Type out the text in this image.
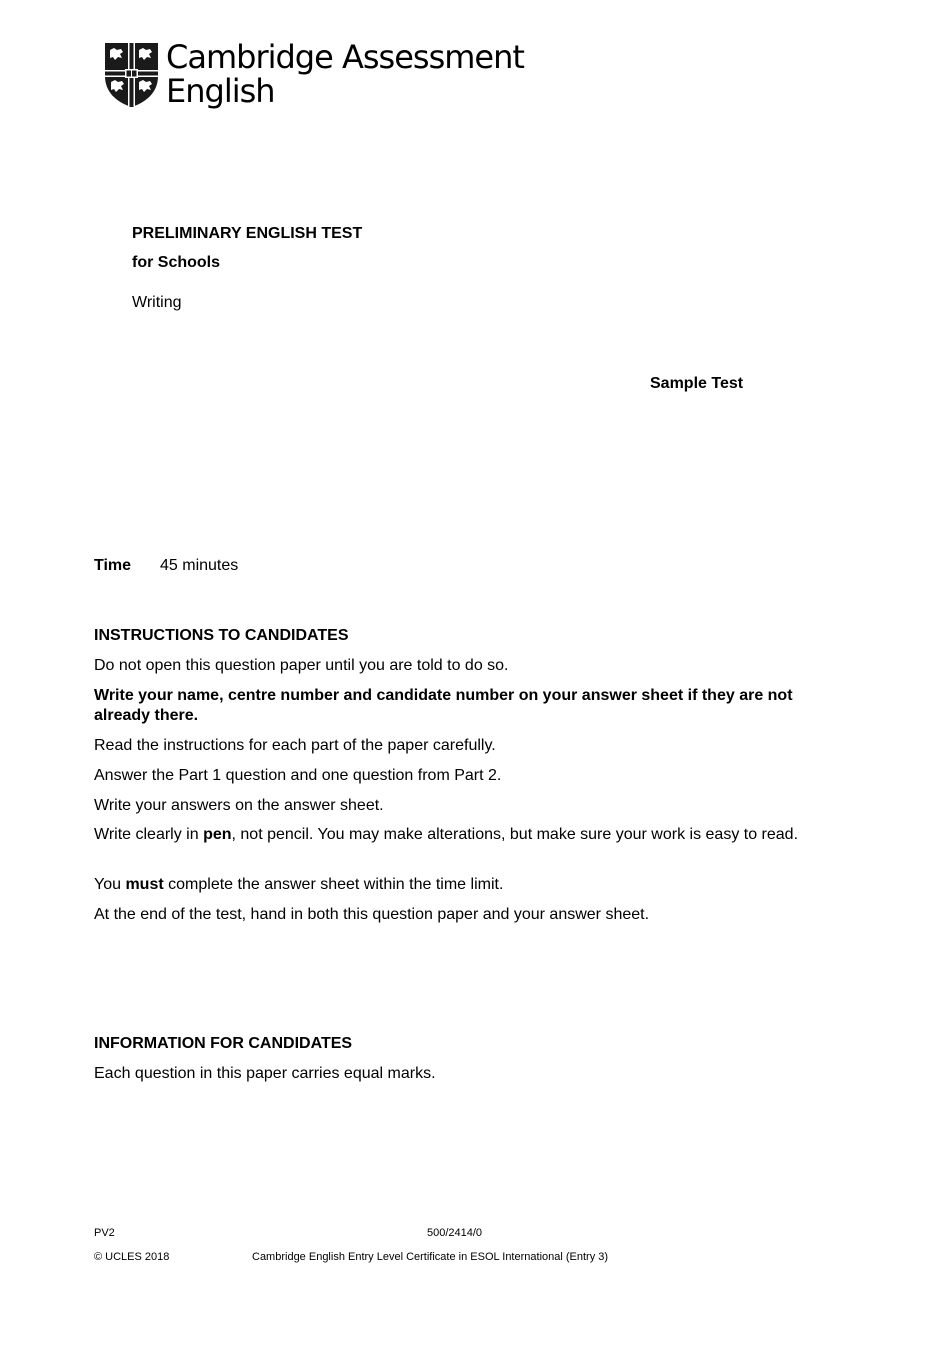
Cambridge Assessment
English
PRELIMINARY ENGLISH TEST
for Schools
Writing
Sample Test
Time 45 minutes
INSTRUCTIONS TO CANDIDATES
Do not open this question paper until you are told to do so.
Write your name, centre number and candidate number on your answer sheet if they are not already there.
Read the instructions for each part of the paper carefully.
Answer the Part 1 question and one question from Part 2.
Write your answers on the answer sheet.
Write clearly in pen, not pencil. You may make alterations, but make sure your work is easy to read.
You must complete the answer sheet within the time limit.
At the end of the test, hand in both this question paper and your answer sheet.
INFORMATION FOR CANDIDATES
Each question in this paper carries equal marks.
PV2	500/2414/0
© UCLES 2018	Cambridge English Entry Level Certificate in ESOL International (Entry 3)
